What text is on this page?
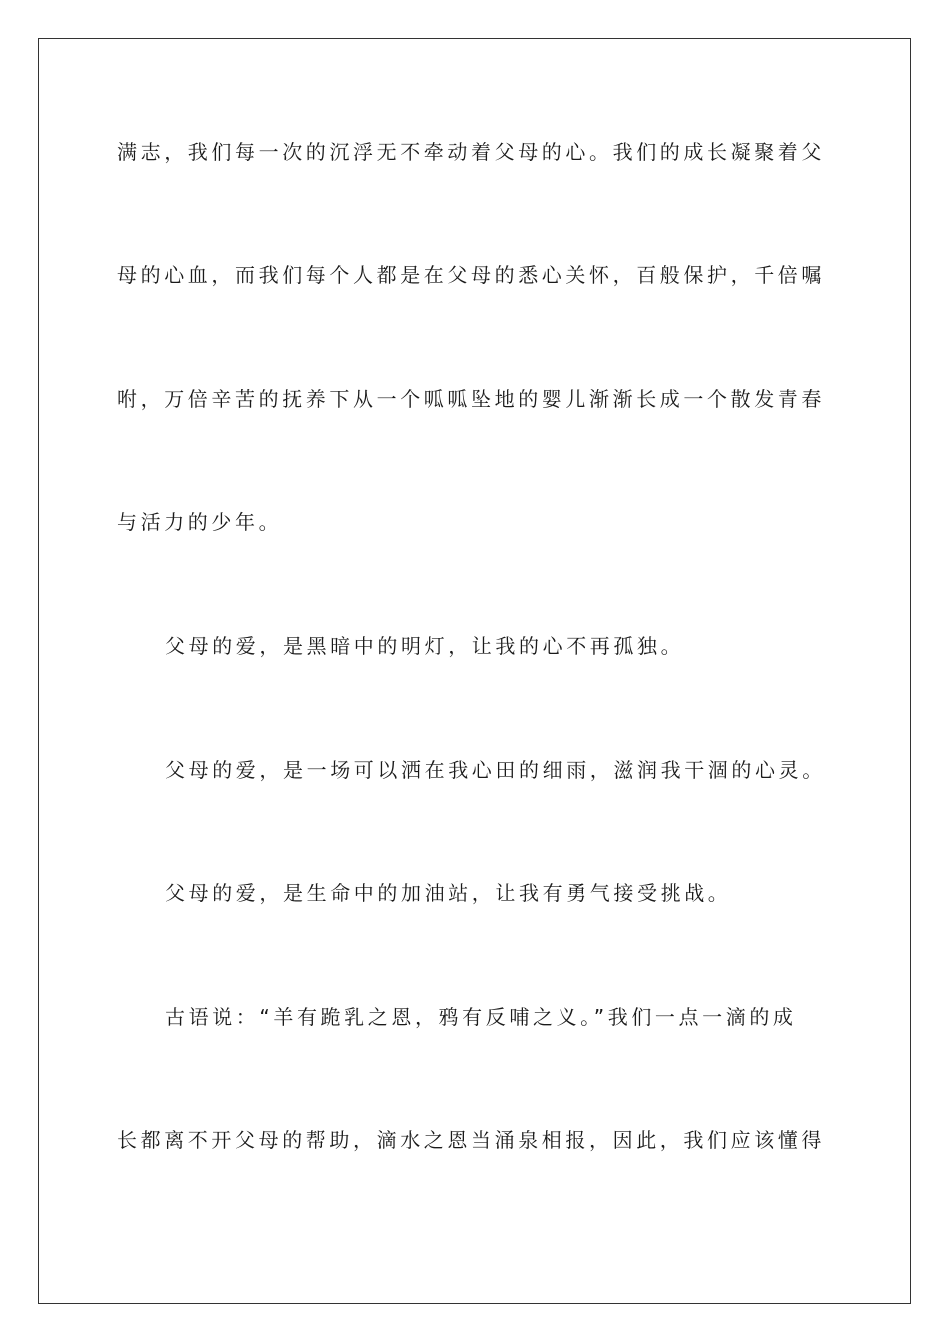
满志，我们每一次的沉浮无不牵动着父母的心。我们的成长凝聚着父
母的心血，而我们每个人都是在父母的悉心关怀，百般保护，千倍嘱
咐，万倍辛苦的抚养下从一个呱呱坠地的婴儿渐渐长成一个散发青春
与活力的少年。
父母的爱，是黑暗中的明灯，让我的心不再孤独。
父母的爱，是一场可以洒在我心田的细雨，滋润我干涸的心灵。
父母的爱，是生命中的加油站，让我有勇气接受挑战。
古语说：“羊有跪乳之恩，鸦有反哺之义。”我们一点一滴的成
长都离不开父母的帮助，滴水之恩当涌泉相报，因此，我们应该懂得
